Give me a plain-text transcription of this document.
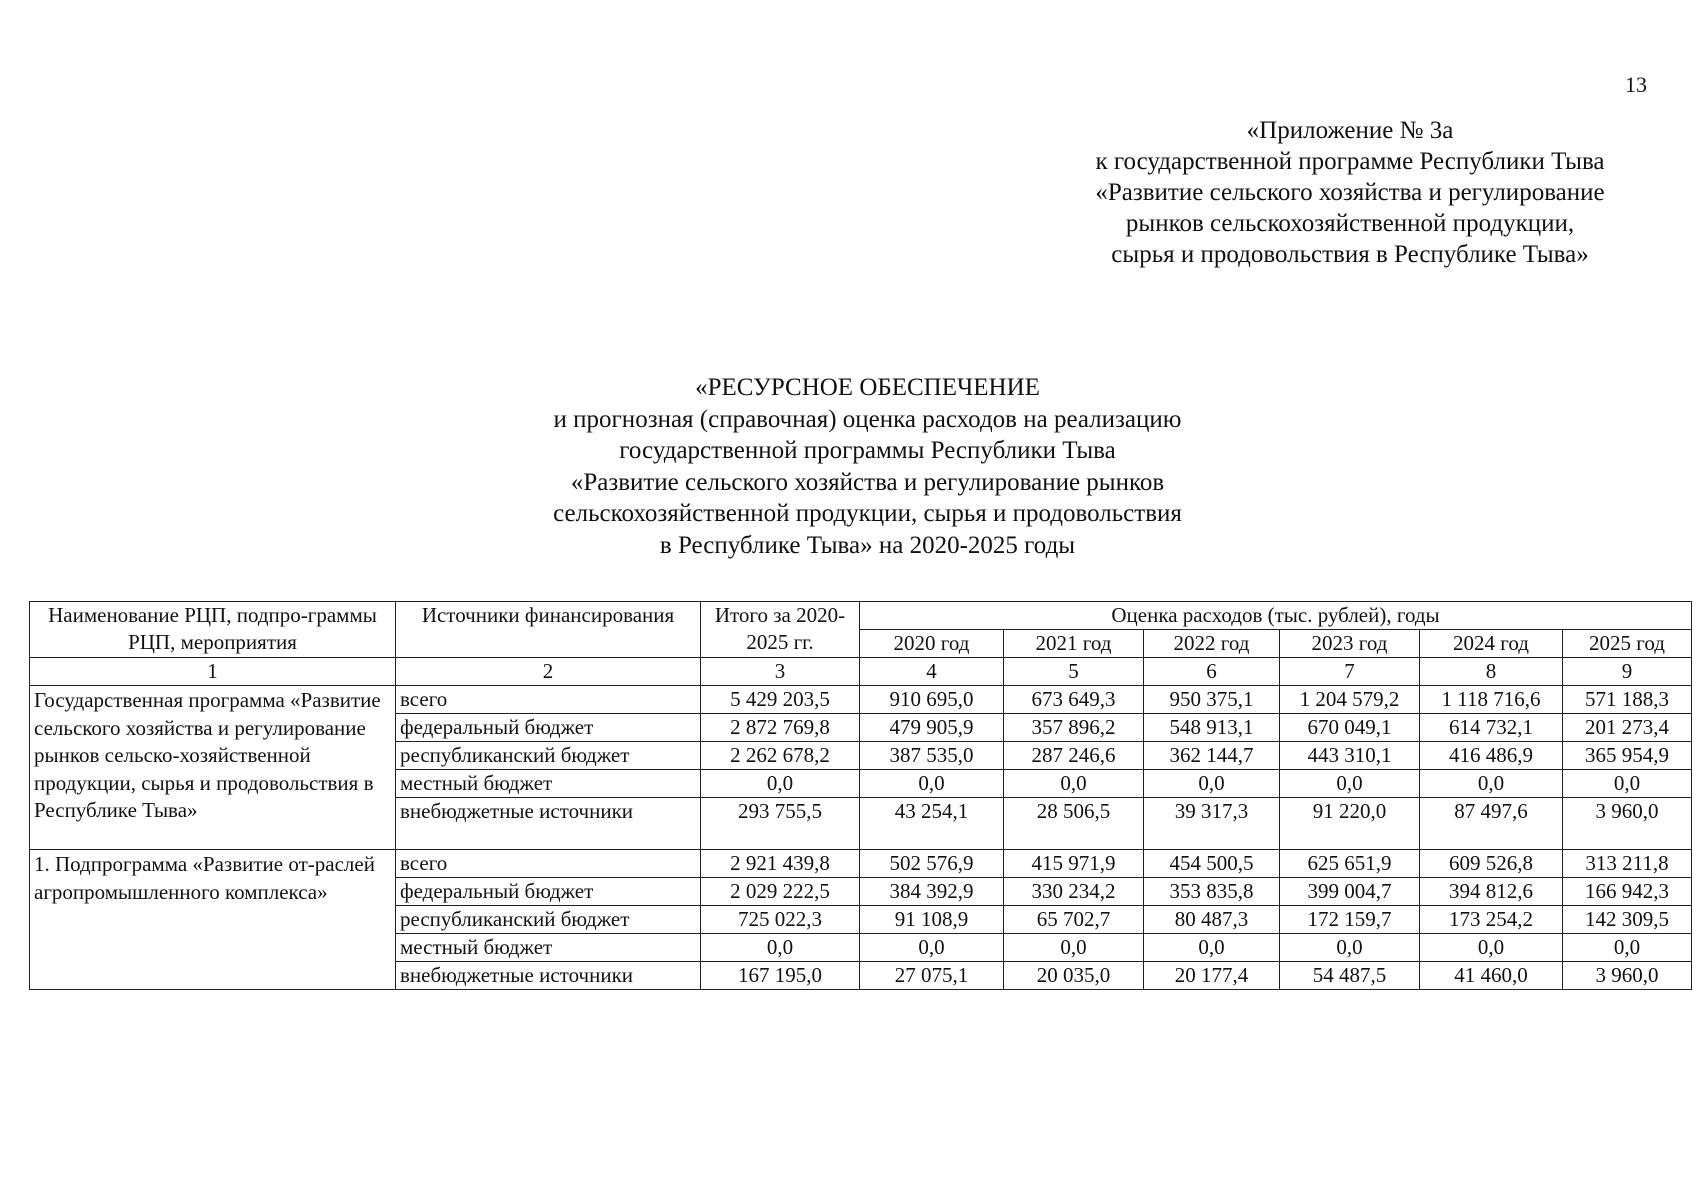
13
«Приложение № 3а
к государственной программе Республики Тыва
«Развитие сельского хозяйства и регулирование
рынков сельскохозяйственной продукции,
сырья и продовольствия в Республике Тыва»
«РЕСУРСНОЕ ОБЕСПЕЧЕНИЕ
и прогнозная (справочная) оценка расходов на реализацию
государственной программы Республики Тыва
«Развитие сельского хозяйства и регулирование рынков
сельскохозяйственной продукции, сырья и продовольствия
в Республике Тыва» на 2020-2025 годы
Наименование РЦП, подпро-граммы РЦП, мероприятия	Источники финансирования	Итого за 2020-2025 гг.	Оценка расходов (тыс. рублей), годы					
			2020 год	2021 год	2022 год	2023 год	2024 год	2025 год
1	2	3	4	5	6	7	8	9
Государственная программа «Развитие сельского хозяйства и регулирование рынков сельско-хозяйственной продукции, сырья и продовольствия в Республике Тыва»	всего	5 429 203,5	910 695,0	673 649,3	950 375,1	1 204 579,2	1 118 716,6	571 188,3
	федеральный бюджет	2 872 769,8	479 905,9	357 896,2	548 913,1	670 049,1	614 732,1	201 273,4
	республиканский бюджет	2 262 678,2	387 535,0	287 246,6	362 144,7	443 310,1	416 486,9	365 954,9
	местный бюджет	0,0	0,0	0,0	0,0	0,0	0,0	0,0
	внебюджетные источники	293 755,5	43 254,1	28 506,5	39 317,3	91 220,0	87 497,6	3 960,0
1. Подпрограмма «Развитие от-раслей агропромышленного комплекса»	всего	2 921 439,8	502 576,9	415 971,9	454 500,5	625 651,9	609 526,8	313 211,8
	федеральный бюджет	2 029 222,5	384 392,9	330 234,2	353 835,8	399 004,7	394 812,6	166 942,3
	республиканский бюджет	725 022,3	91 108,9	65 702,7	80 487,3	172 159,7	173 254,2	142 309,5
	местный бюджет	0,0	0,0	0,0	0,0	0,0	0,0	0,0
	внебюджетные источники	167 195,0	27 075,1	20 035,0	20 177,4	54 487,5	41 460,0	3 960,0
